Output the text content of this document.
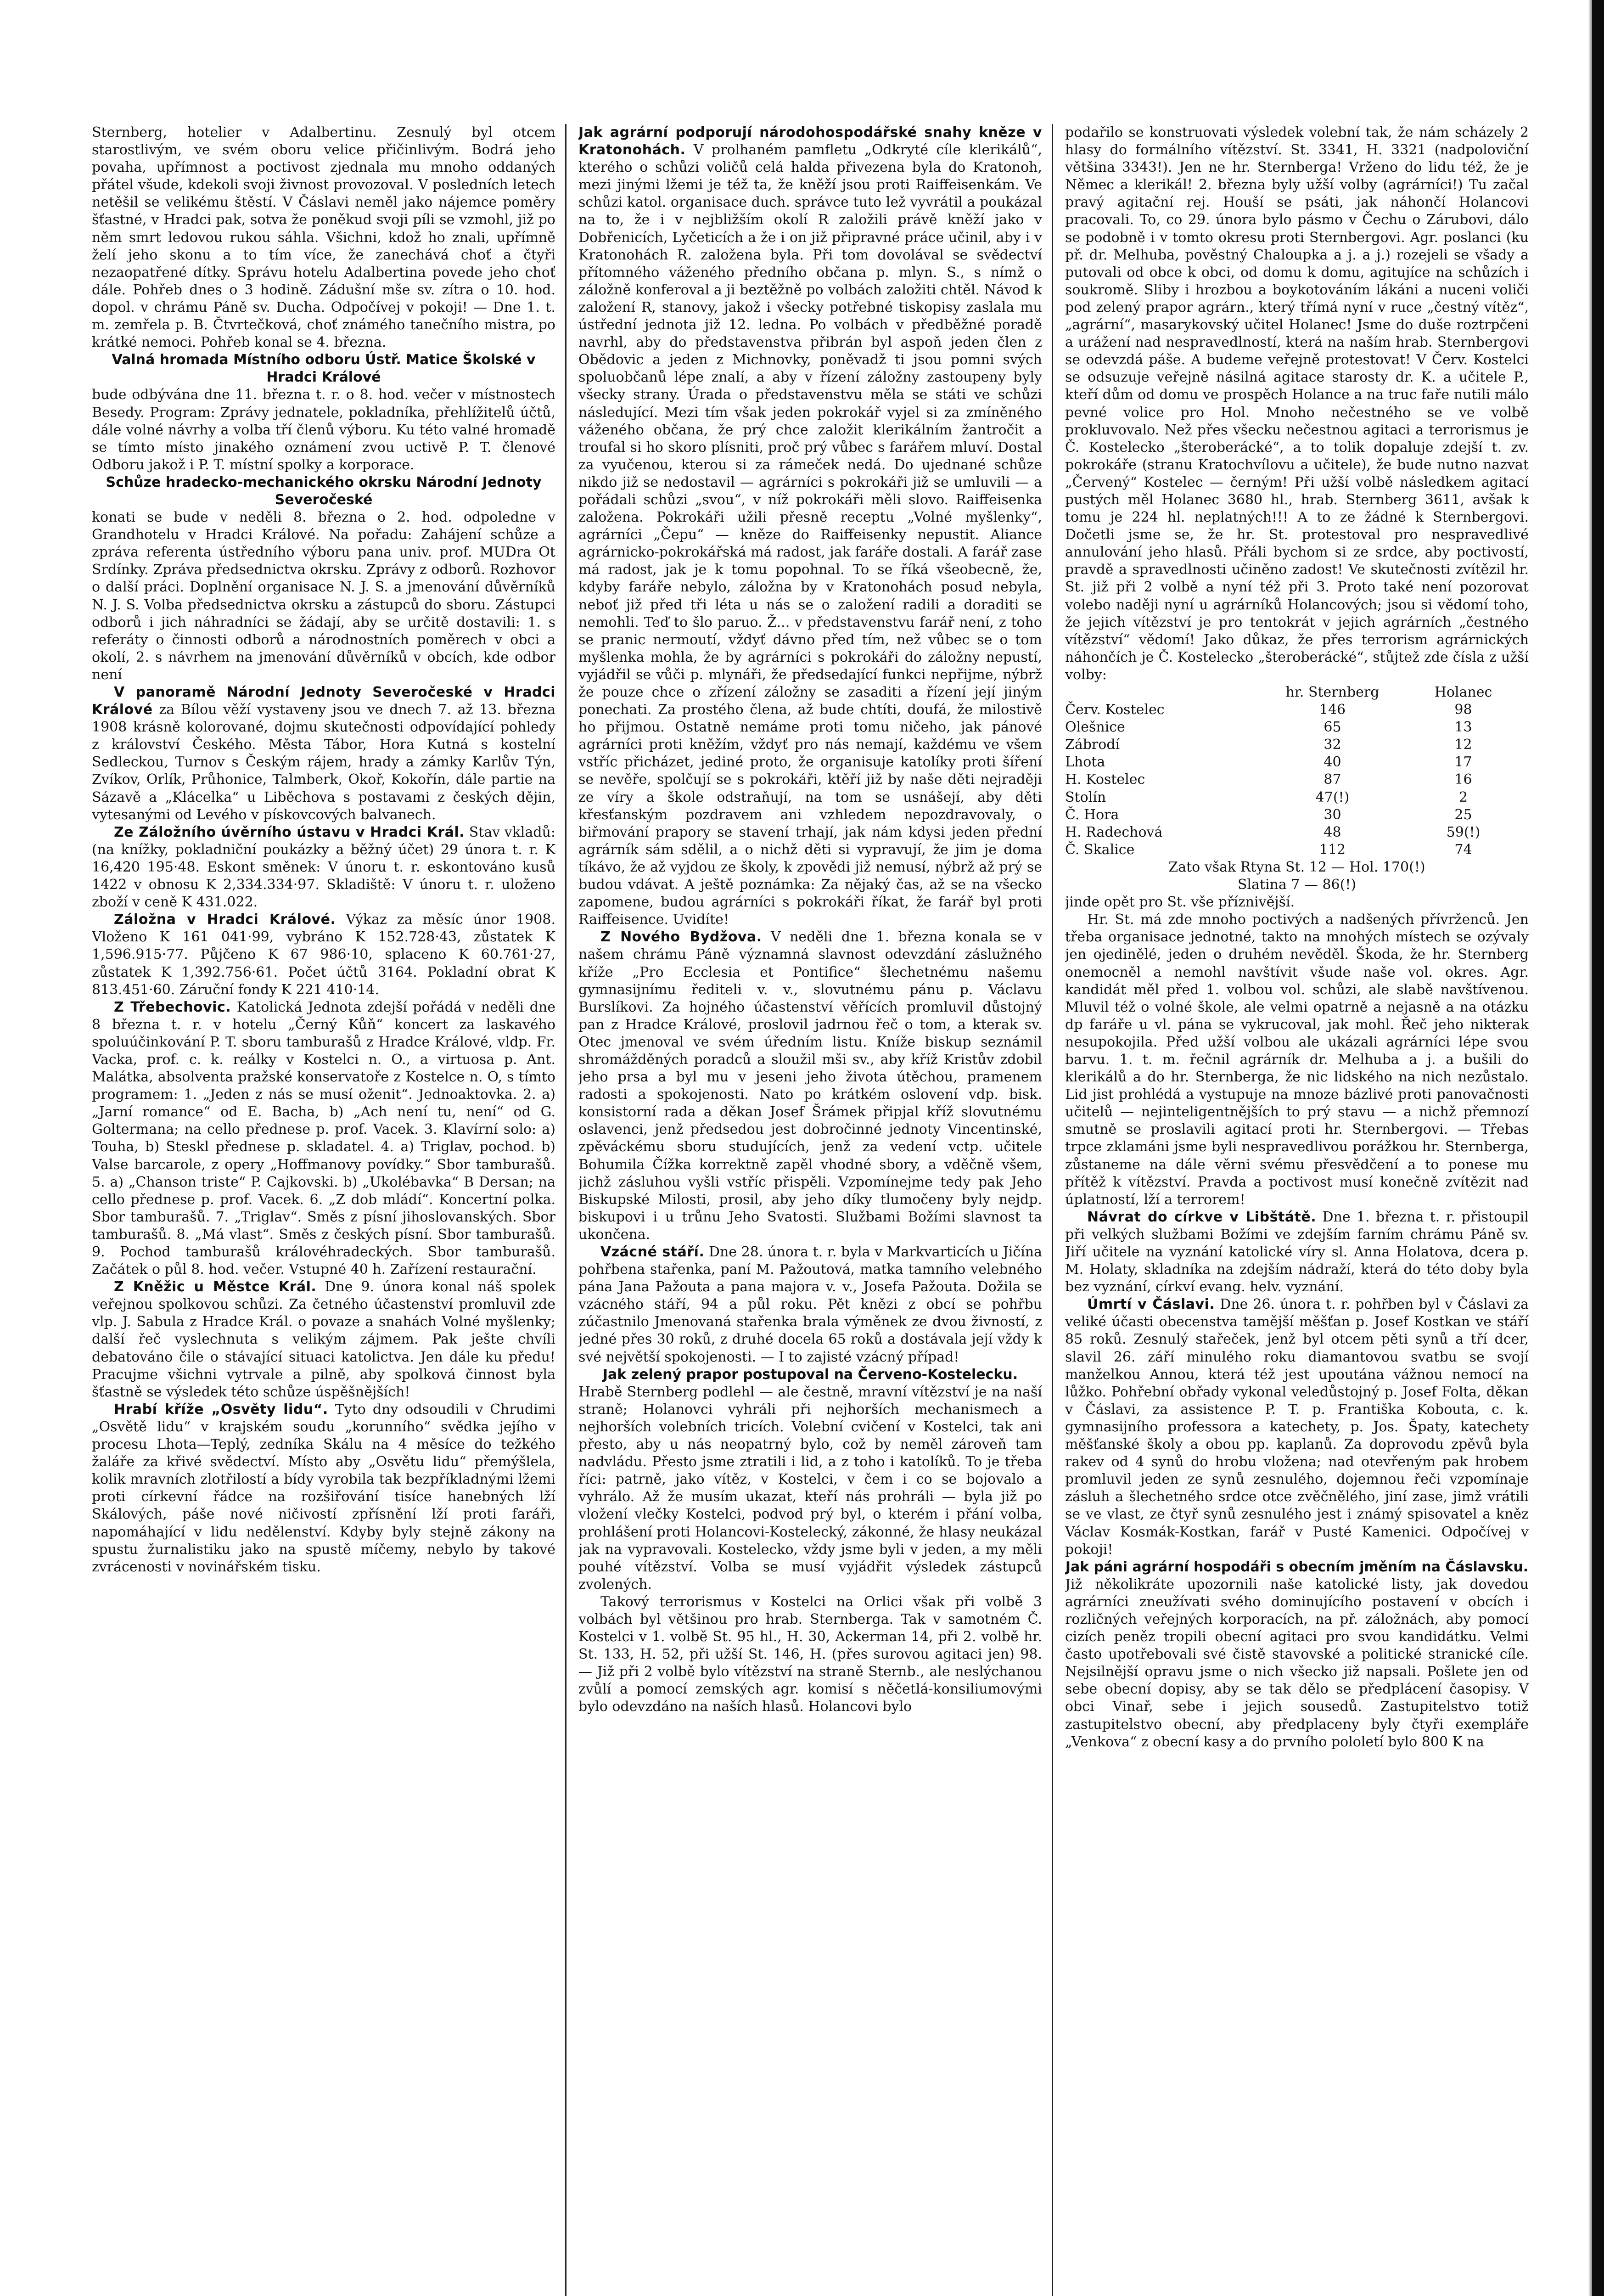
Sternberg, hotelier v Adalbertinu. Zesnulý byl otcem starostlivým, ve svém oboru velice přičinlivým. Bodrá jeho povaha, upřímnost a poctivost zjednala mu mnoho oddaných přátel všude, kdekoli svoji živnost provozoval. V posledních letech netěšil se velikému štěstí. V Čáslavi neměl jako nájemce poměry šťastné, v Hradci pak, sotva že poněkud svoji píli se vzmohl, již po něm smrt ledovou rukou sáhla. Všichni, kdož ho znali, upřímně želí jeho skonu a to tím více, že zanechává choť a čtyři nezaopatřené dítky. Správu hotelu Adalbertina povede jeho choť dále. Pohřeb dnes o 3 hodině. Zádušní mše sv. zítra o 10. hod. dopol. v chrámu Páně sv. Ducha. Odpočívej v pokoji! — Dne 1. t. m. zemřela p. B. Čtvrtečková, choť známého tanečního mistra, po krátké nemoci. Pohřeb konal se 4. března.

Valná hromada Místního odboru Ústř. Matice Školské v Hradci Králové

bude odbývána dne 11. března t. r. o 8. hod. večer v místnostech Besedy. Program: Zprávy jednatele, pokladníka, přehlížitelů účtů, dále volné návrhy a volba tří členů výboru. Ku této valné hromadě se tímto místo jinakého oznámení zvou uctivě P. T. členové Odboru jakož i P. T. místní spolky a korporace.

Schůze hradecko-mechanického okrsku Národní Jednoty Severočeské

konati se bude v neděli 8. března o 2. hod. odpoledne v Grandhotelu v Hradci Králové. Na pořadu: Zahájení schůze a zpráva referenta ústředního výboru pana univ. prof. MUDra Ot Srdínky. Zpráva předsednictva okrsku. Zprávy z odborů. Rozhovor o další práci. Doplnění organisace N. J. S. a jmenování důvěrníků N. J. S. Volba předsednictva okrsku a zástupců do sboru. Zástupci odborů i jich náhradníci se žádají, aby se určitě dostavili: 1. s referáty o činnosti odborů a národnostních poměrech v obci a okolí, 2. s návrhem na jmenování důvěrníků v obcích, kde odbor není

V panoramě Národní Jednoty Severočeské v Hradci Králové za Bílou věží vystaveny jsou ve dnech 7. až 13. března 1908 krásně kolorované, dojmu skutečnosti odpovídající pohledy z království Českého. Města Tábor, Hora Kutná s kostelní Sedleckou, Turnov s Českým rájem, hrady a zámky Karlův Týn, Zvíkov, Orlík, Průhonice, Talmberk, Okoř, Kokořín, dále partie na Sázavě a „Klácelka“ u Liběchova s postavami z českých dějin, vytesanými od Levého v pískovcových balvanech.

Ze Záložního úvěrního ústavu v Hradci Král. Stav vkladů: (na knížky, pokladniční poukázky a běžný účet) 29 února t. r. K 16,420 195·48. Eskont směnek: V únoru t. r. eskontováno kusů 1422 v obnosu K 2,334.334·97. Skladiště: V únoru t. r. uloženo zboží v ceně K 431.022.

Záložna v Hradci Králové. Výkaz za měsíc únor 1908. Vloženo K 161 041·99, vybráno K 152.728·43, zůstatek K 1,596.915·77. Půjčeno K 67 986·10, splaceno K 60.761·27, zůstatek K 1,392.756·61. Počet účtů 3164. Pokladní obrat K 813.451·60. Záruční fondy K 221 410·14.

Z Třebechovic. Katolická Jednota zdejší pořádá v neděli dne 8 března t. r. v hotelu „Černý Kůň“ koncert za laskavého spoluúčinkování P. T. sboru tamburašů z Hradce Králové, vldp. Fr. Vacka, prof. c. k. reálky v Kostelci n. O., a virtuosa p. Ant. Malátka, absolventa pražské konservatoře z Kostelce n. O, s tímto programem: 1. „Jeden z nás se musí oženit“. Jednoaktovka. 2. a) „Jarní romance“ od E. Bacha, b) „Ach není tu, není“ od G. Goltermana; na cello přednese p. prof. Vacek. 3. Klavírní solo: a) Touha, b) Steskl přednese p. skladatel. 4. a) Triglav, pochod. b) Valse barcarole, z opery „Hoffmanovy povídky.“ Sbor tamburašů. 5. a) „Chanson triste“ P. Cajkovski. b) „Ukolébavka“ B Dersan; na cello přednese p. prof. Vacek. 6. „Z dob mládí“. Koncertní polka. Sbor tamburašů. 7. „Triglav“. Směs z písní jihoslovanských. Sbor tamburašů. 8. „Má vlast“. Směs z českých písní. Sbor tamburašů. 9. Pochod tamburašů královéhradeckých. Sbor tamburašů. Začátek o půl 8. hod. večer. Vstupné 40 h. Zařízení restaurační.

Z Kněžic u Městce Král. Dne 9. února konal náš spolek veřejnou spolkovou schůzi. Za četného účastenství promluvil zde vlp. J. Sabula z Hradce Král. o povaze a snahách Volné myšlenky; další řeč vyslechnuta s velikým zájmem. Pak ješte chvíli debatováno čile o stávající situaci katolictva. Jen dále ku předu! Pracujme všichni vytrvale a pilně, aby spolková činnost byla šťastně se výsledek této schůze úspěšnějších!

Hrabí kříže „Osvěty lidu“. Tyto dny odsoudili v Chrudimi „Osvětě lidu“ v krajském soudu „korunního“ svědka jejího v procesu Lhota—Teplý, zedníka Skálu na 4 měsíce do težkého žaláře za křivé svědectví. Místo aby „Osvětu lidu“ přemýšlela, kolik mravních zlotřilostí a bídy vyrobila tak bezpříkladnými lžemi proti církevní řádce na rozšiřování tisíce hanebných lží Skálových, páše nové ničivostí zpřísnění lží proti faráři, napomáhající v lidu nedělenství. Kdyby byly stejně zákony na spustu žurnalistiku jako na spustě míčemy, nebylo by takové zvrácenosti v novinářském tisku.

Jak agrární podporují národohospodářské snahy kněze v Kratonohách. V prolhaném pamfletu „Odkryté cíle klerikálů“, kterého o schůzi voličů celá halda přivezena byla do Kratonoh, mezi jinými lžemi je též ta, že kněží jsou proti Raiffeisenkám. Ve schůzi katol. organisace duch. správce tuto lež vyvrátil a poukázal na to, že i v nejbližším okolí R založili právě kněží jako v Dobřenicích, Lyčeticích a že i on již připravné práce učinil, aby i v Kratonohách R. založena byla. Při tom dovolával se svědectví přítomného váženého předního občana p. mlyn. S., s nímž o záložně konferoval a ji beztěžně po volbách založiti chtěl. Návod k založení R, stanovy, jakož i všecky potřebné tiskopisy zaslala mu ústřední jednota již 12. ledna. Po volbách v předběžné poradě navrhl, aby do představenstva přibrán byl aspoň jeden člen z Obědovic a jeden z Michnovky, poněvadž ti jsou pomni svých spoluobčanů lépe znalí, a aby v řízení záložny zastoupeny byly všecky strany. Úrada o představenstvu měla se státi ve schůzi následující. Mezi tím však jeden pokrokář vyjel si za zmíněného váženého občana, že prý chce založit klerikálním žantročit a troufal si ho skoro plísniti, proč prý vůbec s farářem mluví. Dostal za vyučenou, kterou si za rámeček nedá. Do ujednané schůze nikdo již se nedostavil — agrárníci s pokrokáři již se umluvili — a pořádali schůzi „svou“, v níž pokrokáři měli slovo. Raiffeisenka založena. Pokrokáři užili přesně receptu „Volné myšlenky“, agrárníci „Čepu“ — kněze do Raiffeisenky nepustit. Aliance agrárnicko-pokrokářská má radost, jak faráře dostali. A farář zase má radost, jak je k tomu popohnal. To se říká všeobecně, že, kdyby faráře nebylo, záložna by v Kratonohách posud nebyla, neboť již před tři léta u nás se o založení radili a doraditi se nemohli. Teď to šlo paruo. Ž... v představenstvu farář není, z toho se pranic nermoutí, vždyť dávno před tím, než vůbec se o tom myšlenka mohla, že by agrárníci s pokrokáři do záložny nepustí, vyjádřil se vůči p. mlynáři, že předsedající funkci nepřijme, nýbrž že pouze chce o zřízení záložny se zasaditi a řízení její jiným ponechati. Za prostého člena, až bude chtíti, doufá, že milostivě ho přijmou. Ostatně nemáme proti tomu ničeho, jak pánové agrárníci proti kněžím, vždyť pro nás nemají, každému ve všem vstříc přicházet, jediné proto, že organisuje katolíky proti šíření se nevěře, spolčují se s pokrokáři, ktěří již by naše děti nejraději ze víry a škole odstraňují, na tom se usnášejí, aby děti křesťanským pozdravem ani vzhledem nepozdravovaly, o biřmování prapory se stavení trhají, jak nám kdysi jeden přední agrárník sám sdělil, a o nichž děti si vypravují, že jim je doma tíkávo, že až vyjdou ze školy, k zpovědi již nemusí, nýbrž až prý se budou vdávat. A ještě poznámka: Za nějaký čas, až se na všecko zapomene, budou agrárníci s pokrokáři říkat, že farář byl proti Raiffeisence. Uvidíte!

Z Nového Bydžova. V neděli dne 1. března konala se v našem chrámu Páně významná slavnost odevzdání záslužného kříže „Pro Ecclesia et Pontifice“ šlechetnému našemu gymnasijnímu řediteli v. v., slovutnému pánu p. Václavu Burslíkovi. Za hojného účastenství věřících promluvil důstojný pan z Hradce Králové, proslovil jadrnou řeč o tom, a kterak sv. Otec jmenoval ve svém úředním listu. Kníže biskup seznámil shromážděných poradců a sloužil mši sv., aby kříž Kristův zdobil jeho prsa a byl mu v jeseni jeho života útěchou, pramenem radosti a spokojenosti. Nato po krátkém oslovení vdp. bisk. konsistorní rada a děkan Josef Šrámek připjal kříž slovutnému oslavenci, jenž předsedou jest dobročinné jednoty Vincentinské, zpěváckému sboru studujících, jenž za vedení vctp. učitele Bohumila Čížka korrektně zapěl vhodné sbory, a vděčně všem, jichž zásluhou vyšli vstříc přispěli. Vzpomínejme tedy pak Jeho Biskupské Milosti, prosil, aby jeho díky tlumočeny byly nejdp. biskupovi i u trůnu Jeho Svatosti. Službami Božími slavnost ta ukončena.

Vzácné stáří. Dne 28. února t. r. byla v Markvarticích u Jičína pohřbena stařenka, paní M. Pažoutová, matka tamního velebného pána Jana Pažouta a pana majora v. v., Josefa Pažouta. Dožila se vzácného stáří, 94 a půl roku. Pět knězi z obcí se pohřbu zúčastnilo Jmenovaná stařenka brala výměnek ze dvou živností, z jedné přes 30 roků, z druhé docela 65 roků a dostávala její vždy k své největší spokojenosti. — I to zajisté vzácný případ!

Jak zelený prapor postupoval na Červeno-Kostelecku.

Hrabě Sternberg podlehl — ale čestně, mravní vítězství je na naší straně; Holanovci vyhráli při nejhorších mechanismech a nejhorších volebních tricích. Volební cvičení v Kostelci, tak ani přesto, aby u nás neopatrný bylo, což by neměl zároveň tam nadvládu. Přesto jsme ztratili i lid, a z toho i katolíků. To je třeba říci: patrně, jako vítěz, v Kostelci, v čem i co se bojovalo a vyhrálo. Až že musím ukazat, kteří nás prohráli — byla již po vložení vlečky Kostelci, podvod prý byl, o kterém i přání volba, prohlášení proti Holancovi-Kostelecký, zákonné, že hlasy neukázal jak na vypravovali. Kostelecko, vždy jsme byli v jeden, a my měli pouhé vítězství. Volba se musí vyjádřit výsledek zástupců zvolených.

Takový terrorismus v Kostelci na Orlici však při volbě 3 volbách byl většinou pro hrab. Sternberga. Tak v samotném Č. Kostelci v 1. volbě St. 95 hl., H. 30, Ackerman 14, při 2. volbě hr. St. 133, H. 52, při užší St. 146, H. (přes surovou agitaci jen) 98. — Již při 2 volbě bylo vítězství na straně Sternb., ale neslýchanou zvůlí a pomocí zemských agr. komisí s něčetlá-konsiliumovými bylo odevzdáno na naších hlasů. Holancovi bylo

podařilo se konstruovati výsledek volební tak, že nám scházely 2 hlasy do formálního vítězství. St. 3341, H. 3321 (nadpoloviční většina 3343!). Jen ne hr. Sternberga! Vrženo do lidu též, že je Němec a klerikál! 2. března byly užší volby (agrárníci!) Tu začal pravý agitační rej. Houší se psáti, jak náhončí Holancovi pracovali. To, co 29. února bylo pásmo v Čechu o Zárubovi, dálo se podobně i v tomto okresu proti Sternbergovi. Agr. poslanci (ku př. dr. Melhuba, pověstný Chaloupka a j. a j.) rozejeli se všady a putovali od obce k obci, od domu k domu, agitujíce na schůzích i soukromě. Sliby i hrozbou a boykotováním lákáni a nuceni voliči pod zelený prapor agrárn., který třímá nyní v ruce „čestný vítěz“, „agrární“, masarykovský učitel Holanec! Jsme do duše roztrpčeni a urážení nad nespravedlností, která na naším hrab. Sternbergovi se odevzdá páše. A budeme veřejně protestovat! V Červ. Kostelci se odsuzuje veřejně násilná agitace starosty dr. K. a učitele P., kteří dům od domu ve prospěch Holance a na truc faře nutili málo pevné volice pro Hol. Mnoho nečestného se ve volbě prokluvovalo. Než přes všecku nečestnou agitaci a terrorismus je Č. Kostelecko „šteroberácké“, a to tolik dopaluje zdejší t. zv. pokrokáře (stranu Kratochvílovu a učitele), že bude nutno nazvat „Červený“ Kostelec — černým! Při užší volbě následkem agitací pustých měl Holanec 3680 hl., hrab. Sternberg 3611, avšak k tomu je 224 hl. neplatných!!! A to ze žádné k Sternbergovi. Dočetli jsme se, že hr. St. protestoval pro nespravedlivé annulování jeho hlasů. Přáli bychom si ze srdce, aby poctivostí, pravdě a spravedlnosti učiněno zadost! Ve skutečnosti zvítězil hr. St. již při 2 volbě a nyní též při 3. Proto také není pozorovat volebo naději nyní u agrárníků Holancových; jsou si vědomí toho, že jejich vítězství je pro tentokrát v jejich agrárních „čestného vítězství“ vědomí! Jako důkaz, že přes terrorism agrárnických náhončích je Č. Kostelecko „šteroberácké“, stůjtež zde čísla z užší volby:

	hr. Sternberg	Holanec
Červ. Kostelec	146	98
Olešnice	65	13
Zábrodí	32	12
Lhota	40	17
H. Kostelec	87	16
Stolín	47(!)	2
Č. Hora	30	25
H. Radechová	48	59(!)
Č. Skalice	112	74
Zato však Rtyna St. 12 — Hol. 170(!)		
Slatina 7 — 86(!)		

jinde opět pro St. vše příznivější.

Hr. St. má zde mnoho poctivých a nadšených přívrženců. Jen třeba organisace jednotné, takto na mnohých místech se ozývaly jen ojedinělé, jeden o druhém nevěděl. Škoda, že hr. Sternberg onemocněl a nemohl navštívit všude naše vol. okres. Agr. kandidát měl před 1. volbou vol. schůzi, ale slabě navštívenou. Mluvil též o volné škole, ale velmi opatrně a nejasně a na otázku dp faráře u vl. pána se vykrucoval, jak mohl. Řeč jeho nikterak nesupokojila. Před užší volbou ale ukázali agrárníci lépe svou barvu. 1. t. m. řečnil agrárník dr. Melhuba a j. a bušili do klerikálů a do hr. Sternberga, že nic lidského na nich nezůstalo. Lid jist prohlédá a vystupuje na mnoze bázlivé proti panovačnosti učitelů — nejinteligentnějších to prý stavu — a nichž přemnozí smutně se proslavili agitací proti hr. Sternbergovi. — Třebas trpce zklamáni jsme byli nespravedlivou porážkou hr. Sternberga, zůstaneme na dále věrni svému přesvědčení a to ponese mu přítěž k vítězství. Pravda a poctivost musí konečně zvítězit nad úplatností, lží a terrorem!

Návrat do církve v Libštátě. Dne 1. března t. r. přistoupil při velkých službami Božími ve zdejším farním chrámu Páně sv. Jiří učitele na vyznání katolické víry sl. Anna Holatova, dcera p. M. Holaty, skladníka na zdejším nádraží, která do této doby byla bez vyznání, církví evang. helv. vyznání.

Úmrtí v Čáslavi. Dne 26. února t. r. pohřben byl v Čáslavi za veliké účasti obecenstva tamější měšťan p. Josef Kostkan ve stáří 85 roků. Zesnulý stařeček, jenž byl otcem pěti synů a tří dcer, slavil 26. září minulého roku diamantovou svatbu se svojí manželkou Annou, která též jest upoutána vážnou nemocí na lůžko. Pohřební obřady vykonal veledůstojný p. Josef Folta, děkan v Čáslavi, za assistence P. T. p. Františka Kobouta, c. k. gymnasijního professora a katechety, p. Jos. Špaty, katechety měšťanské školy a obou pp. kaplanů. Za doprovodu zpěvů byla rakev od 4 synů do hrobu vložena; nad otevřeným pak hrobem promluvil jeden ze synů zesnulého, dojemnou řeči vzpomínaje zásluh a šlechetného srdce otce zvěčnělého, jiní zase, jimž vrátili se ve vlast, ze čtyř synů zesnulého jest i známý spisovatel a kněz Václav Kosmák-Kostkan, farář v Pusté Kamenici. Odpočívej v pokoji!

Jak páni agrární hospodáři s obecním jměním na Čáslavsku.

Již několikráte upozornili naše katolické listy, jak dovedou agrárníci zneužívati svého dominujícího postavení v obcích i rozličných veřejných korporacích, na př. záložnách, aby pomocí cizích peněz tropili obecní agitaci pro svou kandidátku. Velmi často upotřebovali své čistě stavovské a politické stranické cíle. Nejsilnější opravu jsme o nich všecko již napsali. Pošlete jen od sebe obecní dopisy, aby se tak dělo se předplácení časopisy. V obci Vinař, sebe i jejich sousedů. Zastupitelstvo totiž zastupitelstvo obecní, aby předplaceny byly čtyři exempláře „Venkova“ z obecní kasy a do prvního pololetí bylo 800 K na
